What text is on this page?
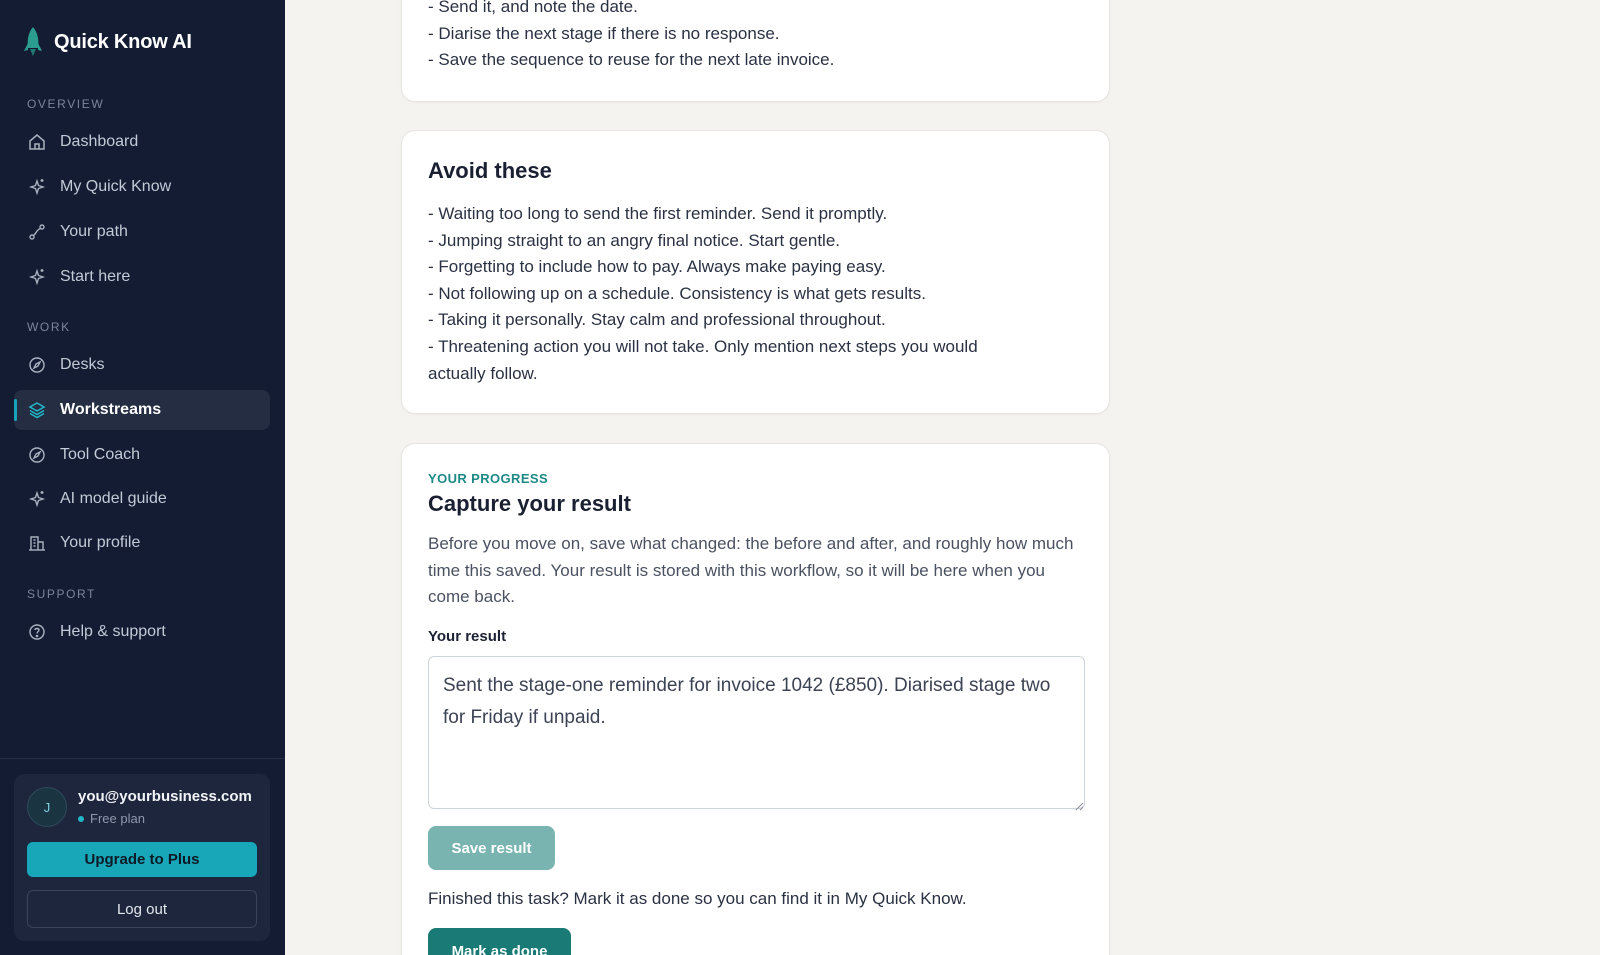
Quick Know AI
OVERVIEW
Dashboard
My Quick Know
Your path
Start here
WORK
Desks
Workstreams
Tool Coach
AI model guide
Your profile
SUPPORT
Help & support
J
you@yourbusiness.com
Free plan
Upgrade to Plus
Log out
- Send it, and note the date.
- Diarise the next stage if there is no response.
- Save the sequence to reuse for the next late invoice.
Avoid these
- Waiting too long to send the first reminder. Send it promptly.
- Jumping straight to an angry final notice. Start gentle.
- Forgetting to include how to pay. Always make paying easy.
- Not following up on a schedule. Consistency is what gets results.
- Taking it personally. Stay calm and professional throughout.
- Threatening action you will not take. Only mention next steps you would
actually follow.
YOUR PROGRESS
Capture your result

Before you move on, save what changed: the before and after, and roughly how much time this saved. Your result is stored with this workflow, so it will be here when you come back.

Your result
Sent the stage-one reminder for invoice 1042 (£850). Diarised stage two for Friday if unpaid.
Save result

Finished this task? Mark it as done so you can find it in My Quick Know.

Mark as done
